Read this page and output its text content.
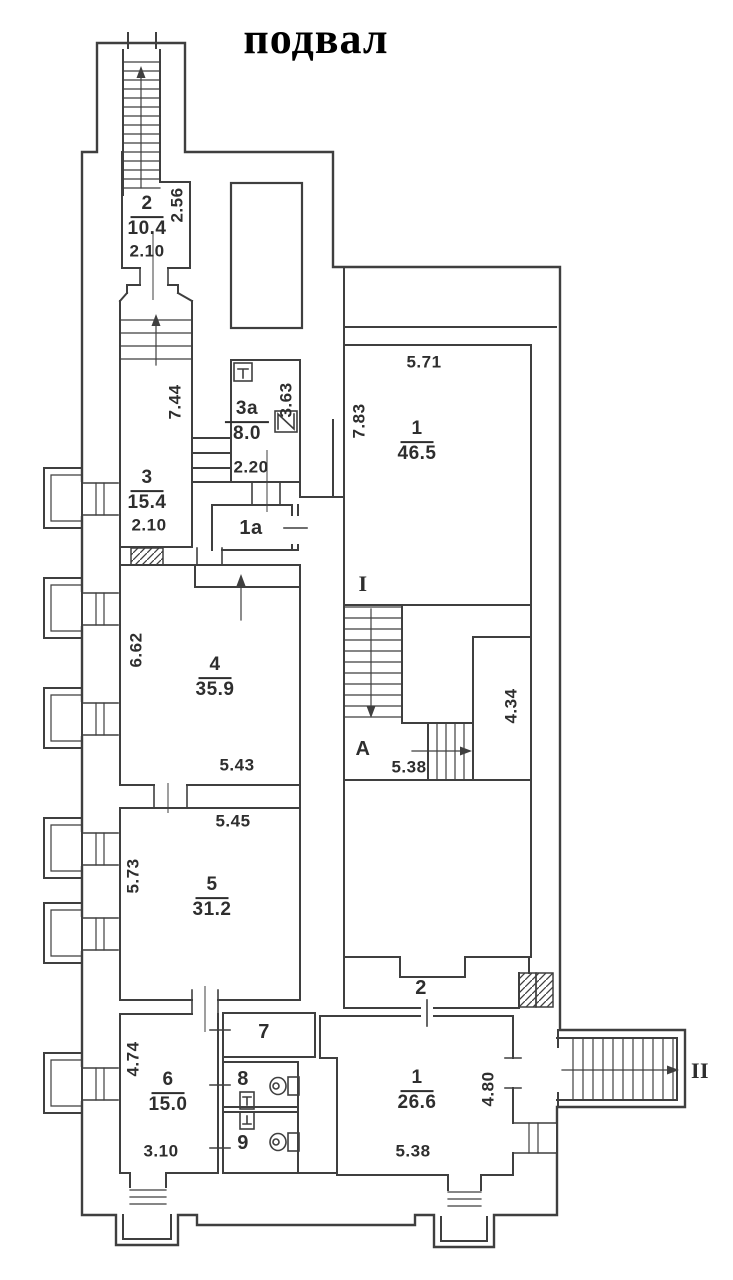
подвал
$\frac{2}{10.4} 2.56$
2.10
$\frac{3}{15.4}$
7.44
2.10
3а
8.0
2.20
3.63
1а
$\frac{1}{46.5}$
5.71
7.83
$\frac{4}{35.9}$
6.62
5.43
$\frac{5}{31.2}$
5.45
5.73
I
А
5.38
4.34
2
7
8
9
$\frac{6}{15.0}$
4.74
3.10
$\frac{1}{26.6} 4.80$
5.38
II
